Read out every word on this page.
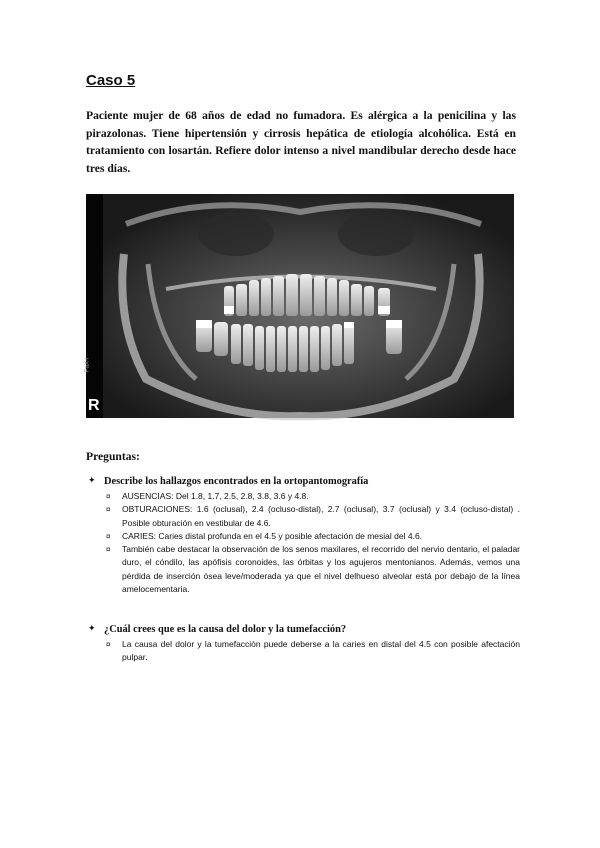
Caso 5
Paciente mujer de 68 años de edad no fumadora. Es alérgica a la penicilina y las pirazolonas. Tiene hipertensión y cirrosis hepática de etiología alcohólica. Está en tratamiento con losartán. Refiere dolor intenso a nivel mandibular derecho desde hace tres días.
PaX-i
R
Preguntas:
✦ Describe los hallazgos encontrados en la ortopantomografía
¤ AUSENCIAS: Del 1.8, 1.7, 2.5, 2.8, 3.8, 3.6 y 4.8.
¤ OBTURACIONES: 1.6 (oclusal), 2.4 (ocluso-distal), 2.7 (oclusal), 3.7 (oclusal) y 3.4 (ocluso-distal) . Posible obturación en vestibular de 4.6.
¤ CARIES: Caries distal profunda en el 4.5 y posible afectación de mesial del 4.6.
¤ También cabe destacar la observación de los senos maxilares, el recorrido del nervio dentario, el paladar duro, el cóndilo, las apófisis coronoides, las órbitas y los agujeros mentonianos. Además, vemos una pérdida de inserción ósea leve/moderada ya que el nivel delhueso alveolar está por debajo de la línea amelocementaria.
✦ ¿Cuál crees que es la causa del dolor y la tumefacción?
¤ La causa del dolor y la tumefacción puede deberse a la caries en distal del 4.5 con posible afectación pulpar.
